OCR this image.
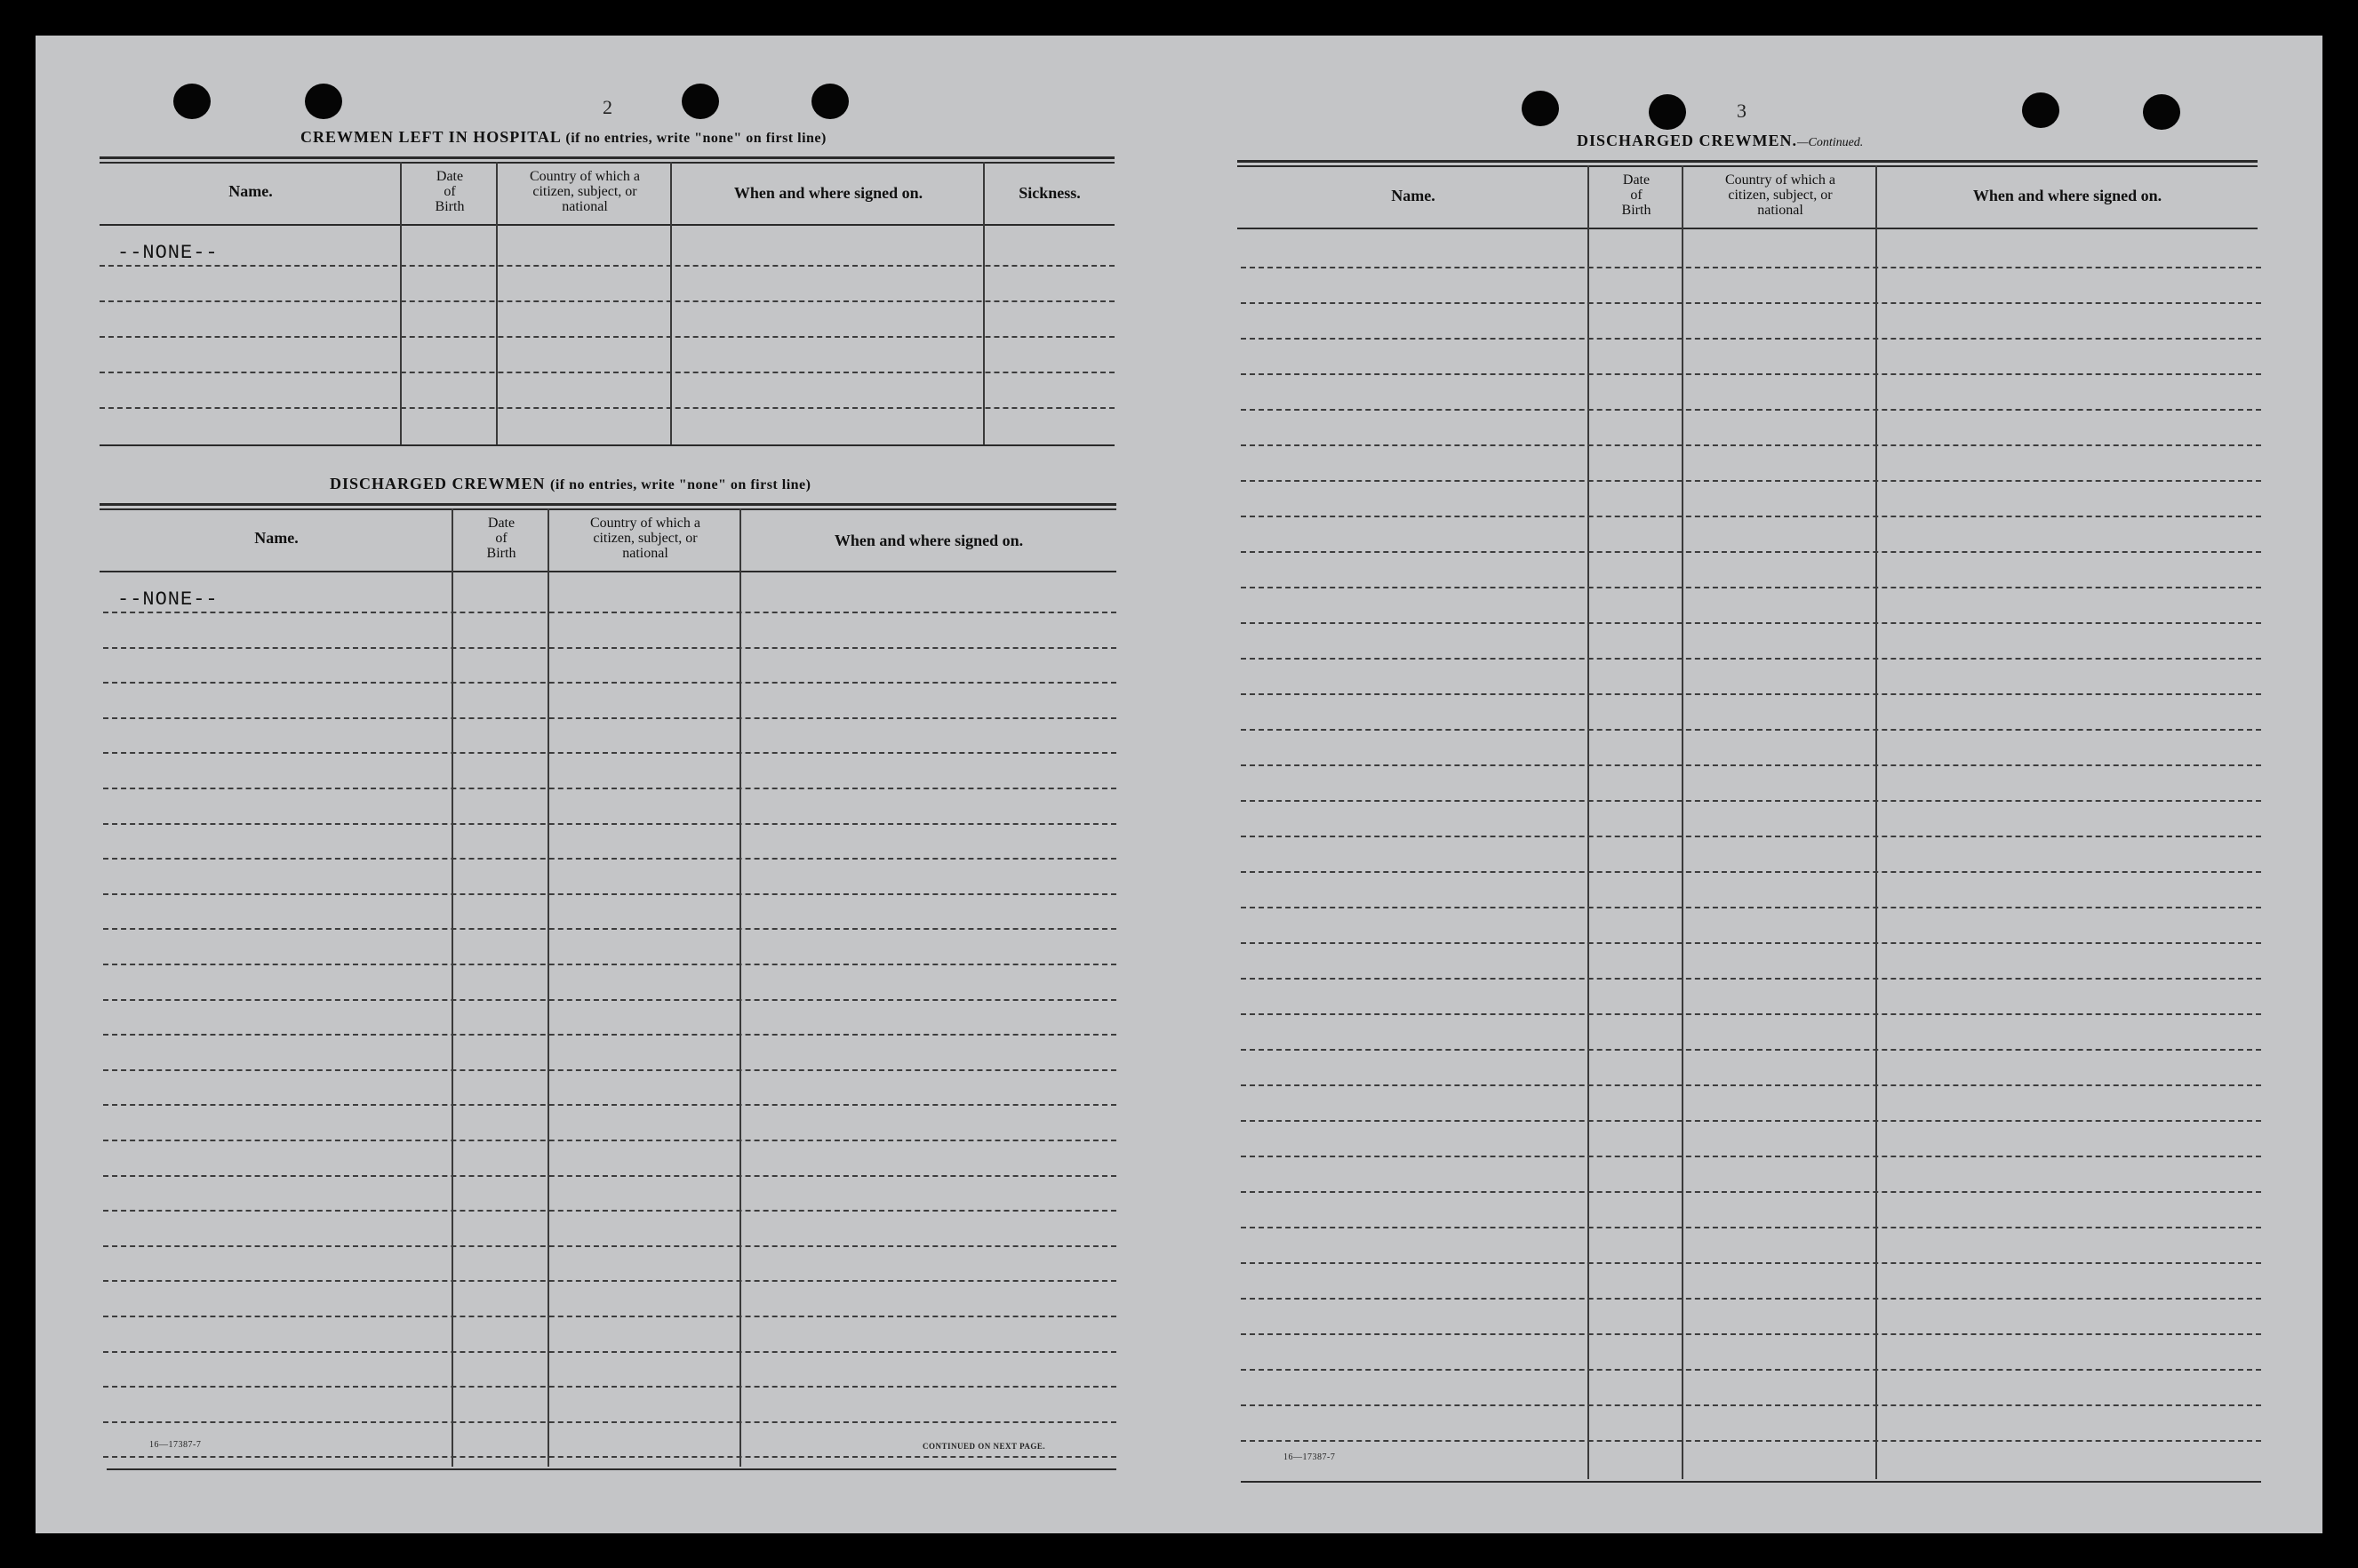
2
CREWMEN LEFT IN HOSPITAL (if no entries, write "none" on first line)
Name.
Date
of
Birth
Country of which a
citizen, subject, or
national
When and where signed on.	Sickness.
--NONE--
DISCHARGED CREWMEN (if no entries, write "none" on first line)
Name.
Date
of
Birth
Country of which a
citizen, subject, or
national
When and where signed on.
--NONE--
16—17387-7	CONTINUED ON NEXT PAGE.
3
DISCHARGED CREWMEN.—Continued.
Name.
Date
of
Birth
Country of which a
citizen, subject, or
national
When and where signed on.
16—17387-7
